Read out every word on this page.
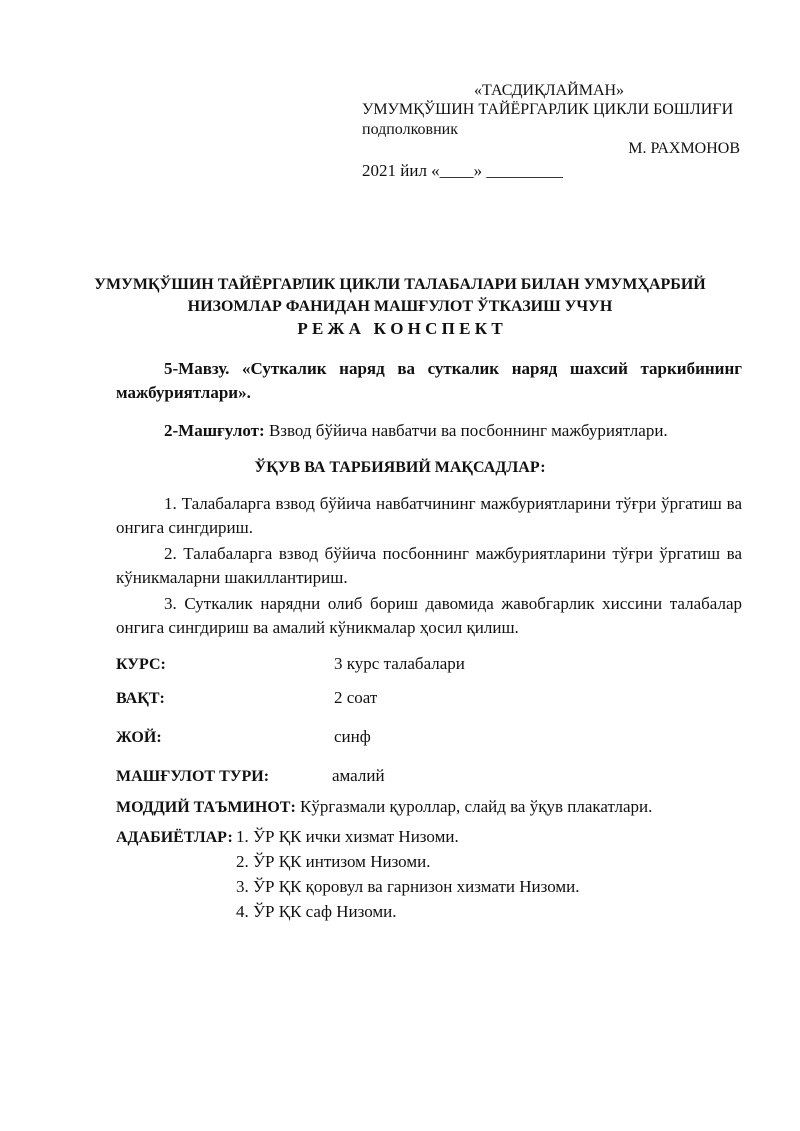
«ТАСДИҚЛАЙМАН»
УМУМҚЎШИН ТАЙЁРГАРЛИК ЦИКЛИ БОШЛИҒИ
подполковник
М. РАХМОНОВ
2021 йил «____» _________
УМУМҚЎШИН ТАЙЁРГАРЛИК ЦИКЛИ ТАЛАБАЛАРИ БИЛАН УМУМҲАРБИЙ
НИЗОМЛАР ФАНИДАН МАШҒУЛОТ ЎТКАЗИШ УЧУН
Р Е Ж А   К О Н С П Е К Т
5-Мавзу. «Суткалик наряд ва суткалик наряд шахсий таркибининг мажбуриятлари».
2-Машғулот: Взвод бўйича навбатчи ва посбоннинг мажбуриятлари.
ЎҚУВ ВА ТАРБИЯВИЙ МАҚСАДЛАР:
1. Талабаларга взвод бўйича навбатчининг мажбуриятларини тўғри ўргатиш ва онгига сингдириш.
2. Талабаларга взвод бўйича посбоннинг мажбуриятларини тўғри ўргатиш ва кўникмаларни шакиллантириш.
3. Суткалик нарядни олиб бориш давомида жавобгарлик хиссини талабалар онгига сингдириш ва амалий кўникмалар ҳосил қилиш.
КУРС:	3 курс талабалари
ВАҚТ:	2 соат
ЖОЙ:	синф
МАШҒУЛОТ ТУРИ:	амалий
МОДДИЙ ТАЪМИНОТ: Кўргазмали қуроллар, слайд ва ўқув плакатлари.
АДАБИЁТЛАР: 1. ЎР ҚК ички хизмат Низоми.
2. ЎР ҚК интизом Низоми.
3. ЎР ҚК қоровул ва гарнизон хизмати Низоми.
4. ЎР ҚК саф Низоми.
